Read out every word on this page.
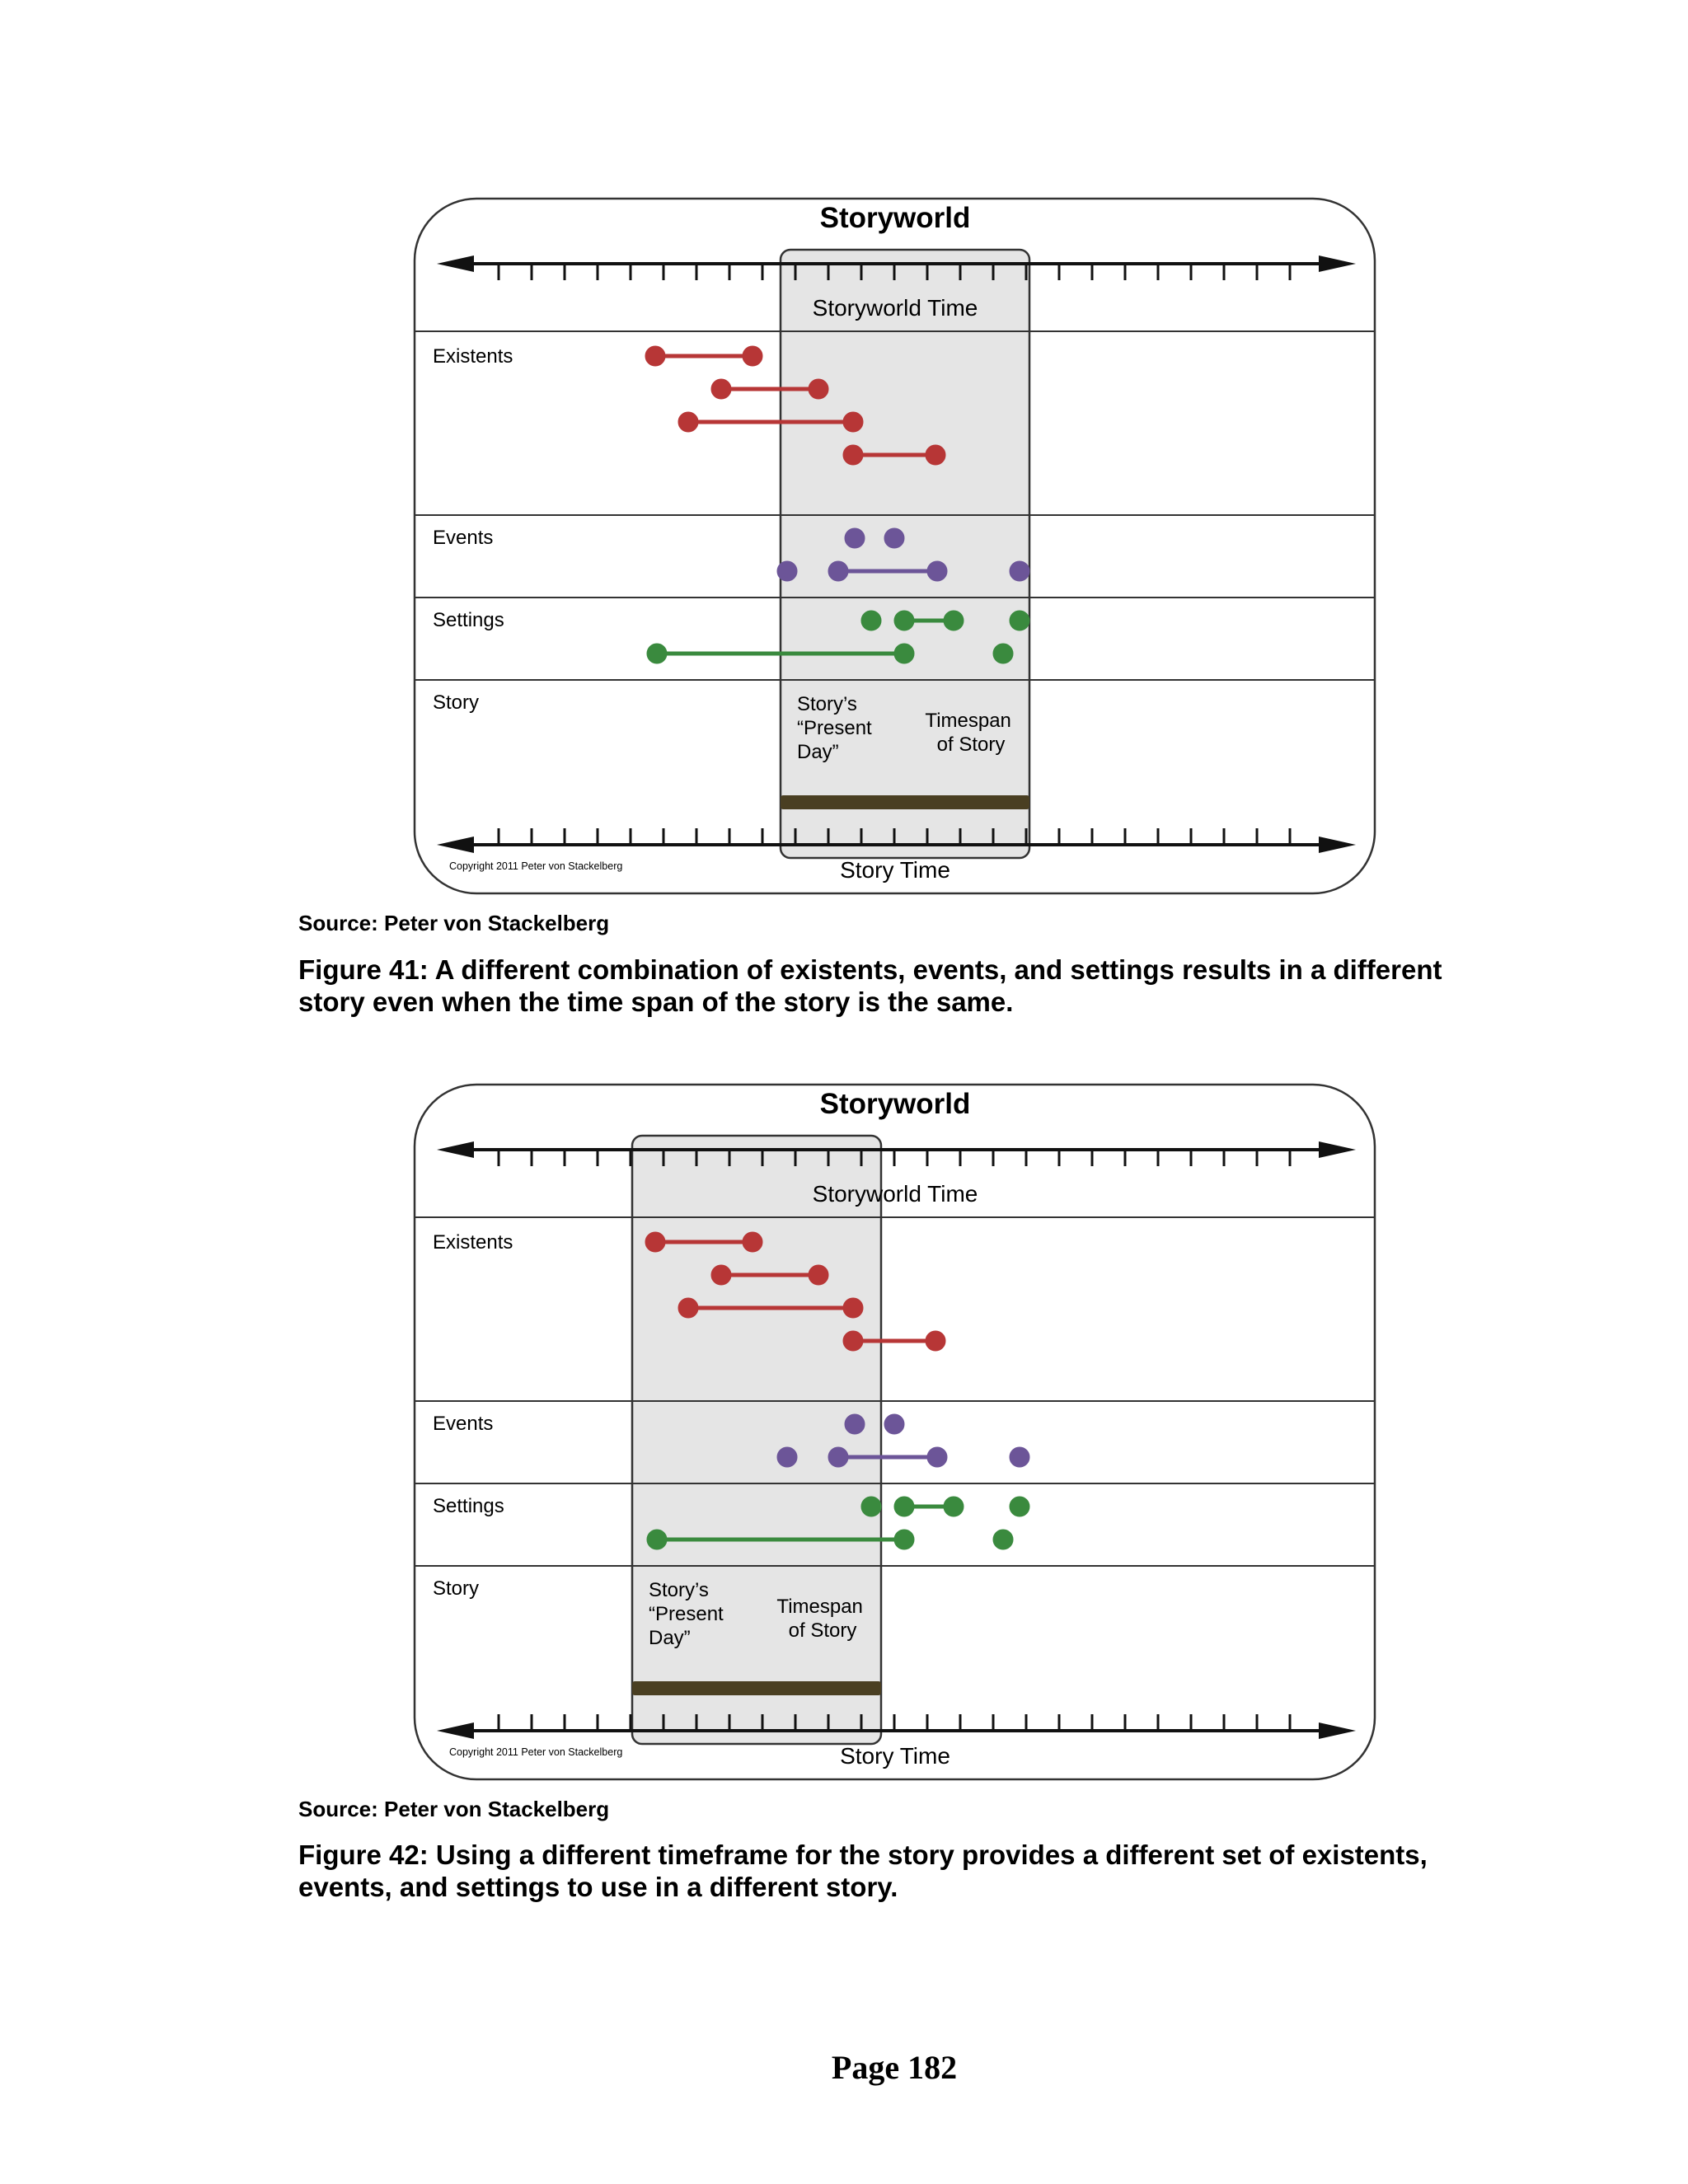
Storyworld
Storyworld Time
Existents
Events
Settings
Story	Story’s “Present Day”
Timespan of Story
Copyright 2011 Peter von Stackelberg	Story Time
Source: Peter von Stackelberg
Figure 41: A different combination of existents, events, and settings results in a different story even when the time span of the story is the same.
Storyworld
Storyworld Time
Existents
Events
Settings
Story	Story’s “Present Day”
Timespan of Story
Copyright 2011 Peter von Stackelberg	Story Time
Source: Peter von Stackelberg
Figure 42: Using a different timeframe for the story provides a different set of existents, events, and settings to use in a different story.
Page 182
